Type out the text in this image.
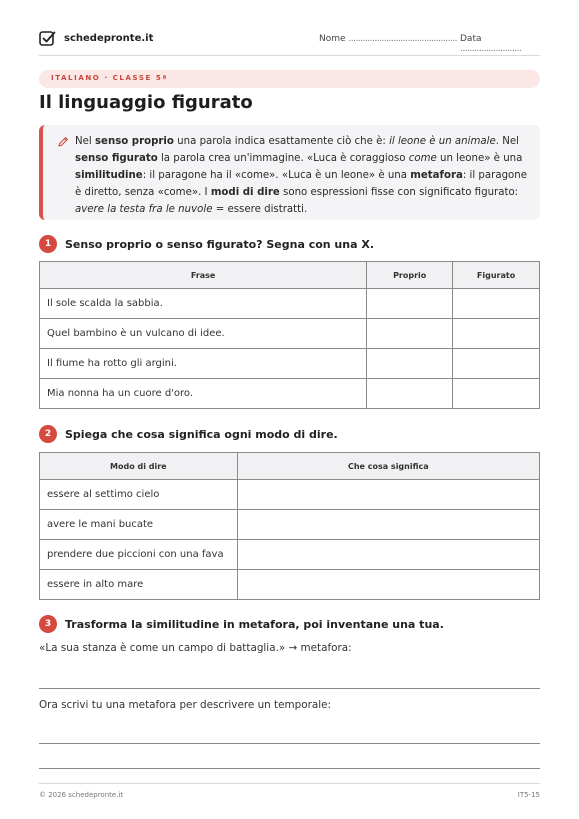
schedepronte.it	Nome .............................................. Data ..........................
ITALIANO · CLASSE 5ª
Il linguaggio figurato
Nel senso proprio una parola indica esattamente ciò che è: il leone è un animale. Nel senso figurato la parola crea un'immagine. «Luca è coraggioso come un leone» è una similitudine: il paragone ha il «come». «Luca è un leone» è una metafora: il paragone è diretto, senza «come». I modi di dire sono espressioni fisse con significato figurato: avere la testa fra le nuvole = essere distratti.
1	Senso proprio o senso figurato? Segna con una X.
Frase	Proprio	Figurato
Il sole scalda la sabbia.		
Quel bambino è un vulcano di idee.		
Il fiume ha rotto gli argini.		
Mia nonna ha un cuore d'oro.		
2	Spiega che cosa significa ogni modo di dire.
Modo di dire	Che cosa significa
essere al settimo cielo	
avere le mani bucate	
prendere due piccioni con una fava	
essere in alto mare	
3	Trasforma la similitudine in metafora, poi inventane una tua.
«La sua stanza è come un campo di battaglia.» → metafora:
Ora scrivi tu una metafora per descrivere un temporale:
© 2026 schedepronte.it	IT5-15
